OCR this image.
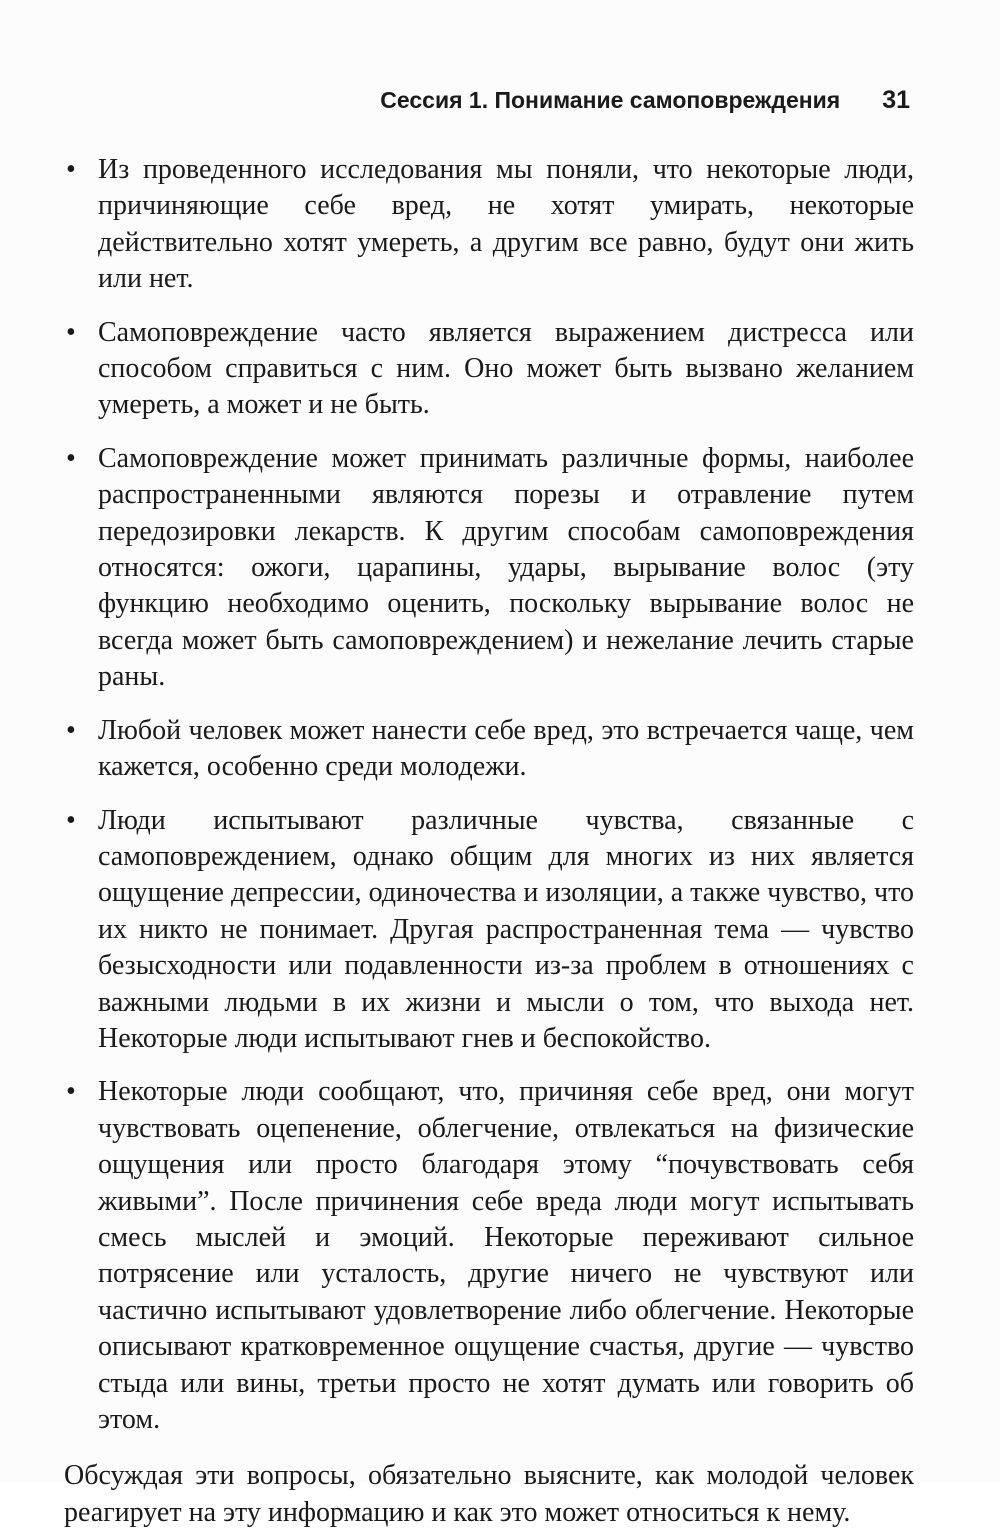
Сессия 1. Понимание самоповреждения 31
• Из проведенного исследования мы поняли, что некоторые люди, причиняющие себе вред, не хотят умирать, некоторые действительно хотят умереть, а другим все равно, будут они жить или нет.
• Самоповреждение часто является выражением дистресса или способом справиться с ним. Оно может быть вызвано желанием умереть, а может и не быть.
• Самоповреждение может принимать различные формы, наиболее распространенными являются порезы и отравление путем передозировки лекарств. К другим способам самоповреждения относятся: ожоги, царапины, удары, вырывание волос (эту функцию необходимо оценить, поскольку вырывание волос не всегда может быть самоповреждением) и нежелание лечить старые раны.
• Любой человек может нанести себе вред, это встречается чаще, чем кажется, особенно среди молодежи.
• Люди испытывают различные чувства, связанные с самоповреждением, однако общим для многих из них является ощущение депрессии, одиночества и изоляции, а также чувство, что их никто не понимает. Другая распространенная тема — чувство безысходности или подавленности из-за проблем в отношениях с важными людьми в их жизни и мысли о том, что выхода нет. Некоторые люди испытывают гнев и беспокойство.
• Некоторые люди сообщают, что, причиняя себе вред, они могут чувствовать оцепенение, облегчение, отвлекаться на физические ощущения или просто благодаря этому “почувствовать себя живыми”. После причинения себе вреда люди могут испытывать смесь мыслей и эмоций. Некоторые переживают сильное потрясение или усталость, другие ничего не чувствуют или частично испытывают удовлетворение либо облегчение. Некоторые описывают кратковременное ощущение счастья, другие — чувство стыда или вины, третьи просто не хотят думать или говорить об этом.

Обсуждая эти вопросы, обязательно выясните, как молодой человек реагирует на эту информацию и как это может относиться к нему.
